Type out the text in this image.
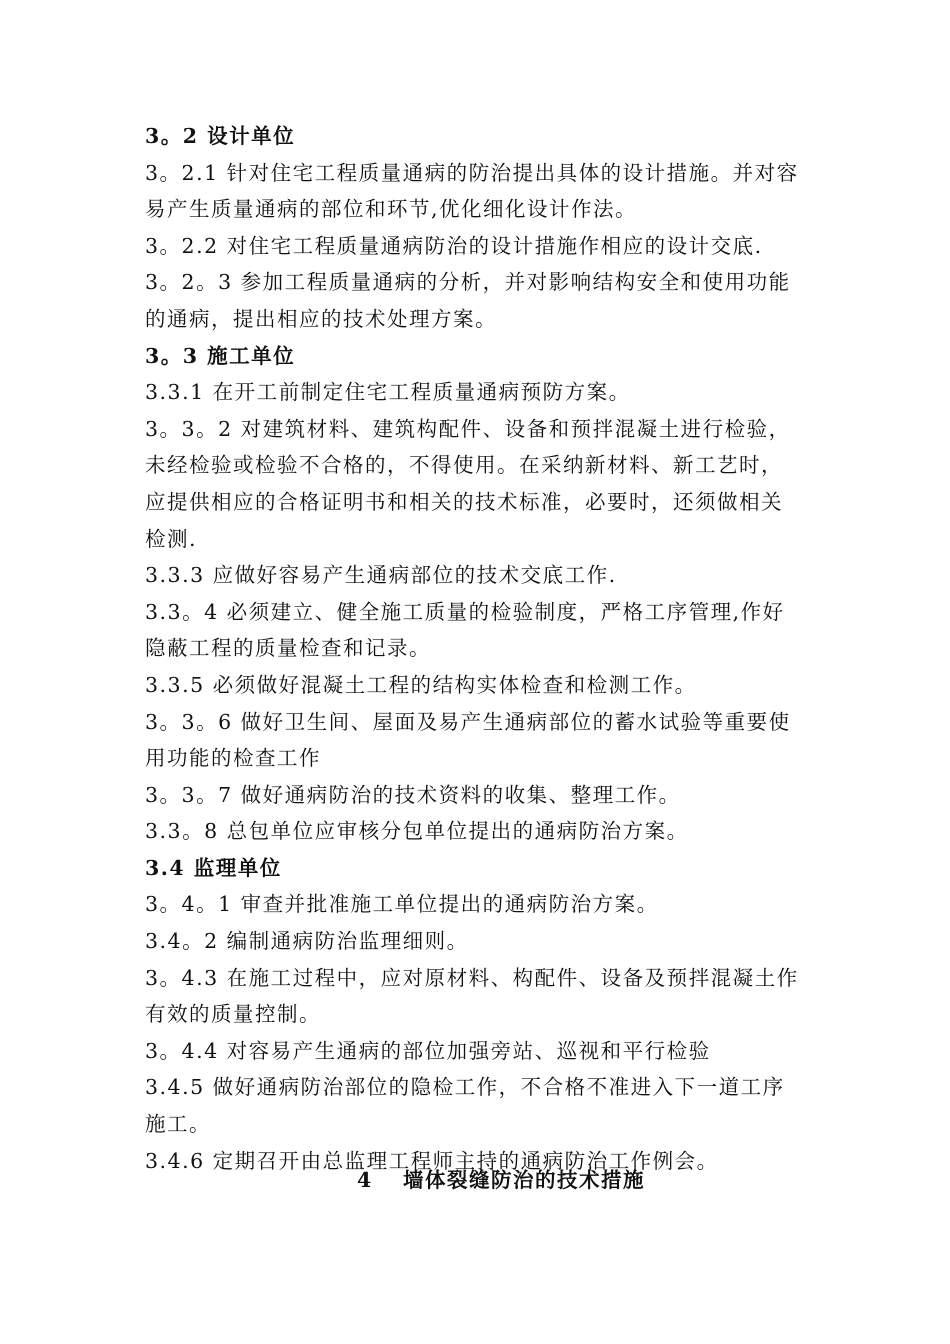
3。2 设计单位
3。2.1 针对住宅工程质量通病的防治提出具体的设计措施。并对容
易产生质量通病的部位和环节,优化细化设计作法。
3。2.2 对住宅工程质量通病防治的设计措施作相应的设计交底.
3。2。3 参加工程质量通病的分析，并对影响结构安全和使用功能
的通病，提出相应的技术处理方案。
3。3 施工单位
3.3.1 在开工前制定住宅工程质量通病预防方案。
3。3。2 对建筑材料、建筑构配件、设备和预拌混凝土进行检验，
未经检验或检验不合格的，不得使用。在采纳新材料、新工艺时，
应提供相应的合格证明书和相关的技术标准，必要时，还须做相关
检测.
3.3.3 应做好容易产生通病部位的技术交底工作.
3.3。4 必须建立、健全施工质量的检验制度，严格工序管理,作好
隐蔽工程的质量检查和记录。
3.3.5 必须做好混凝土工程的结构实体检查和检测工作。
3。3。6 做好卫生间、屋面及易产生通病部位的蓄水试验等重要使
用功能的检查工作
3。3。7 做好通病防治的技术资料的收集、整理工作。
3.3。8 总包单位应审核分包单位提出的通病防治方案。
3.4 监理单位
3。4。1 审查并批准施工单位提出的通病防治方案。
3.4。2 编制通病防治监理细则。
3。4.3 在施工过程中，应对原材料、构配件、设备及预拌混凝土作
有效的质量控制。
3。4.4 对容易产生通病的部位加强旁站、巡视和平行检验
3.4.5 做好通病防治部位的隐检工作，不合格不准进入下一道工序
施工。
3.4.6 定期召开由总监理工程师主持的通病防治工作例会。
4 墙体裂缝防治的技术措施
